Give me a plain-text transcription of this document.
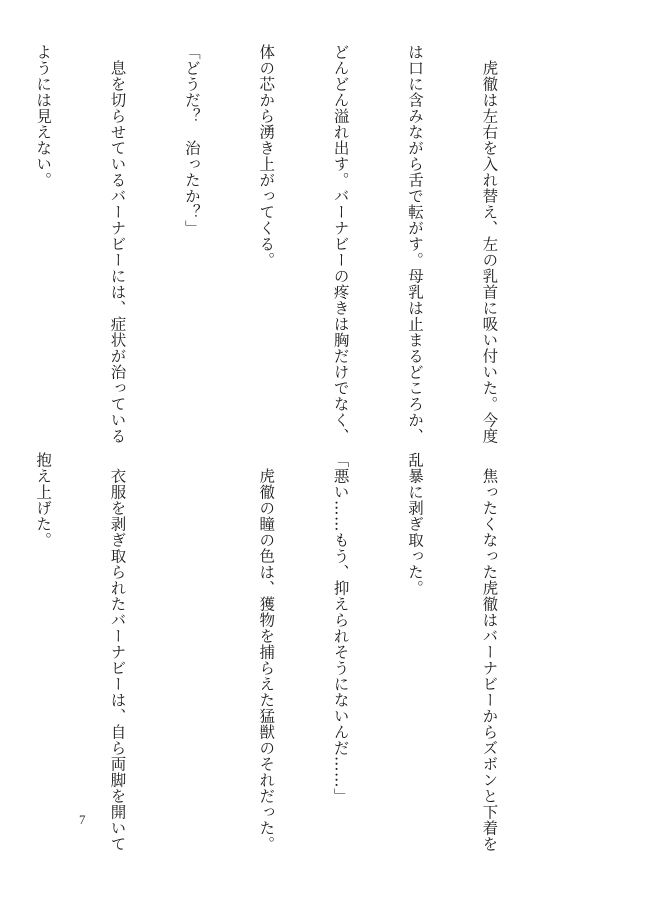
　虎徹は左右を入れ替え、左の乳首に吸い付いた。今度

は口に含みながら舌で転がす。母乳は止まるどころか、

どんどん溢れ出す。バーナビーの疼きは胸だけでなく、

体の芯から湧き上がってくる。

「どうだ？　治ったか？」

　息を切らせているバーナビーには、症状が治っている

ようには見えない。

　焦ったくなった虎徹はバーナビーからズボンと下着を

乱暴に剥ぎ取った。

「悪い……もう、抑えられそうにないんだ……」

　虎徹の瞳の色は、獲物を捕らえた猛獣のそれだった。

　衣服を剥ぎ取られたバーナビーは、自ら両脚を開いて

抱え上げた。

7
